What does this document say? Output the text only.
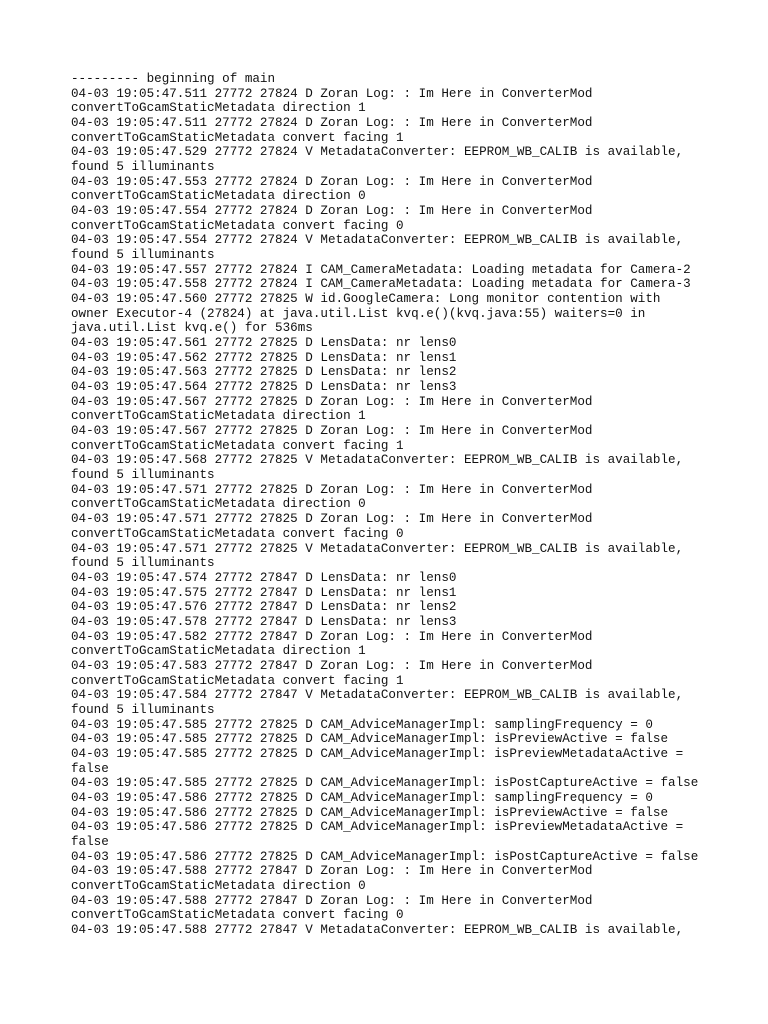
--------- beginning of main
04-03 19:05:47.511 27772 27824 D Zoran Log: : Im Here in ConverterMod
convertToGcamStaticMetadata direction 1
04-03 19:05:47.511 27772 27824 D Zoran Log: : Im Here in ConverterMod
convertToGcamStaticMetadata convert facing 1
04-03 19:05:47.529 27772 27824 V MetadataConverter: EEPROM_WB_CALIB is available,
found 5 illuminants
04-03 19:05:47.553 27772 27824 D Zoran Log: : Im Here in ConverterMod
convertToGcamStaticMetadata direction 0
04-03 19:05:47.554 27772 27824 D Zoran Log: : Im Here in ConverterMod
convertToGcamStaticMetadata convert facing 0
04-03 19:05:47.554 27772 27824 V MetadataConverter: EEPROM_WB_CALIB is available,
found 5 illuminants
04-03 19:05:47.557 27772 27824 I CAM_CameraMetadata: Loading metadata for Camera-2
04-03 19:05:47.558 27772 27824 I CAM_CameraMetadata: Loading metadata for Camera-3
04-03 19:05:47.560 27772 27825 W id.GoogleCamera: Long monitor contention with
owner Executor-4 (27824) at java.util.List kvq.e()(kvq.java:55) waiters=0 in
java.util.List kvq.e() for 536ms
04-03 19:05:47.561 27772 27825 D LensData: nr lens0
04-03 19:05:47.562 27772 27825 D LensData: nr lens1
04-03 19:05:47.563 27772 27825 D LensData: nr lens2
04-03 19:05:47.564 27772 27825 D LensData: nr lens3
04-03 19:05:47.567 27772 27825 D Zoran Log: : Im Here in ConverterMod
convertToGcamStaticMetadata direction 1
04-03 19:05:47.567 27772 27825 D Zoran Log: : Im Here in ConverterMod
convertToGcamStaticMetadata convert facing 1
04-03 19:05:47.568 27772 27825 V MetadataConverter: EEPROM_WB_CALIB is available,
found 5 illuminants
04-03 19:05:47.571 27772 27825 D Zoran Log: : Im Here in ConverterMod
convertToGcamStaticMetadata direction 0
04-03 19:05:47.571 27772 27825 D Zoran Log: : Im Here in ConverterMod
convertToGcamStaticMetadata convert facing 0
04-03 19:05:47.571 27772 27825 V MetadataConverter: EEPROM_WB_CALIB is available,
found 5 illuminants
04-03 19:05:47.574 27772 27847 D LensData: nr lens0
04-03 19:05:47.575 27772 27847 D LensData: nr lens1
04-03 19:05:47.576 27772 27847 D LensData: nr lens2
04-03 19:05:47.578 27772 27847 D LensData: nr lens3
04-03 19:05:47.582 27772 27847 D Zoran Log: : Im Here in ConverterMod
convertToGcamStaticMetadata direction 1
04-03 19:05:47.583 27772 27847 D Zoran Log: : Im Here in ConverterMod
convertToGcamStaticMetadata convert facing 1
04-03 19:05:47.584 27772 27847 V MetadataConverter: EEPROM_WB_CALIB is available,
found 5 illuminants
04-03 19:05:47.585 27772 27825 D CAM_AdviceManagerImpl: samplingFrequency = 0
04-03 19:05:47.585 27772 27825 D CAM_AdviceManagerImpl: isPreviewActive = false
04-03 19:05:47.585 27772 27825 D CAM_AdviceManagerImpl: isPreviewMetadataActive =
false
04-03 19:05:47.585 27772 27825 D CAM_AdviceManagerImpl: isPostCaptureActive = false
04-03 19:05:47.586 27772 27825 D CAM_AdviceManagerImpl: samplingFrequency = 0
04-03 19:05:47.586 27772 27825 D CAM_AdviceManagerImpl: isPreviewActive = false
04-03 19:05:47.586 27772 27825 D CAM_AdviceManagerImpl: isPreviewMetadataActive =
false
04-03 19:05:47.586 27772 27825 D CAM_AdviceManagerImpl: isPostCaptureActive = false
04-03 19:05:47.588 27772 27847 D Zoran Log: : Im Here in ConverterMod
convertToGcamStaticMetadata direction 0
04-03 19:05:47.588 27772 27847 D Zoran Log: : Im Here in ConverterMod
convertToGcamStaticMetadata convert facing 0
04-03 19:05:47.588 27772 27847 V MetadataConverter: EEPROM_WB_CALIB is available,
